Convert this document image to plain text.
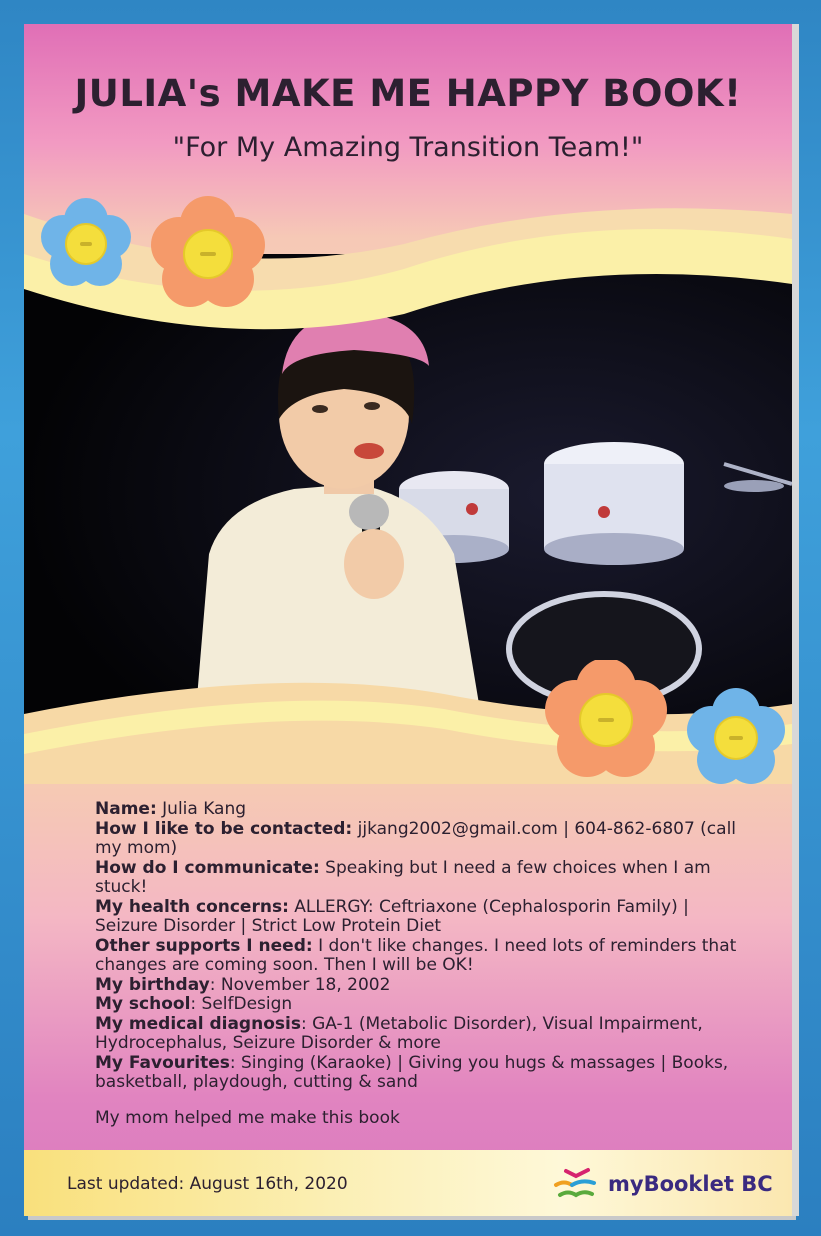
JULIA's MAKE ME HAPPY BOOK!
"For My Amazing Transition Team!"

Name: Julia Kang

How I like to be contacted: jjkang2002@gmail.com | 604-862-6807 (call my mom)

How do I communicate: Speaking but I need a few choices when I am stuck!

My health concerns: ALLERGY: Ceftriaxone (Cephalosporin Family) | Seizure Disorder | Strict Low Protein Diet

Other supports I need: I don't like changes. I need lots of reminders that changes are coming soon. Then I will be OK!

My birthday: November 18, 2002

My school: SelfDesign

My medical diagnosis: GA-1 (Metabolic Disorder), Visual Impairment, Hydrocephalus, Seizure Disorder & more

My Favourites: Singing (Karaoke) | Giving you hugs & massages | Books, basketball, playdough, cutting & sand

My mom helped me make this book
Last updated: August 16th, 2020	myBooklet BC
